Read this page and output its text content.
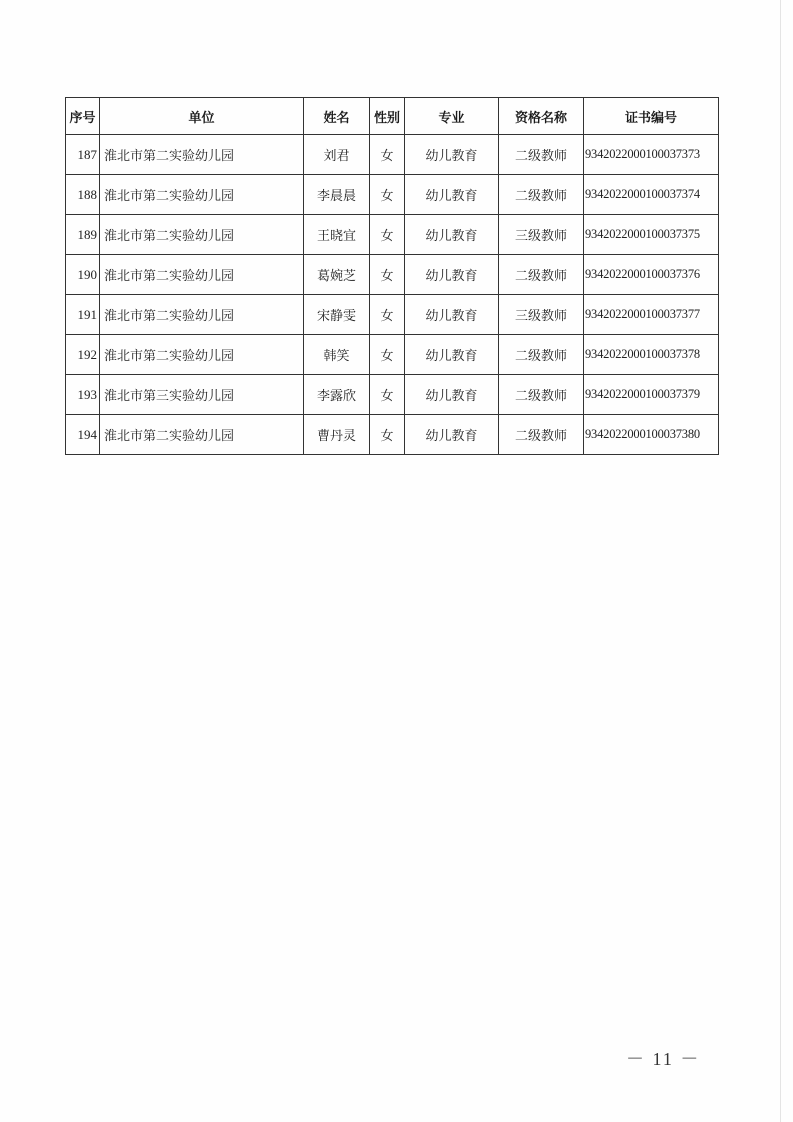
序号	单位	姓名	性别	专业	资格名称	证书编号
187	淮北市第二实验幼儿园	刘君	女	幼儿教育	二级教师	9342022000100037373
188	淮北市第二实验幼儿园	李晨晨	女	幼儿教育	二级教师	9342022000100037374
189	淮北市第二实验幼儿园	王晓宜	女	幼儿教育	三级教师	9342022000100037375
190	淮北市第二实验幼儿园	葛婉芝	女	幼儿教育	二级教师	9342022000100037376
191	淮北市第二实验幼儿园	宋静雯	女	幼儿教育	三级教师	9342022000100037377
192	淮北市第二实验幼儿园	韩笑	女	幼儿教育	二级教师	9342022000100037378
193	淮北市第三实验幼儿园	李露欣	女	幼儿教育	二级教师	9342022000100037379
194	淮北市第二实验幼儿园	曹丹灵	女	幼儿教育	二级教师	9342022000100037380
－ 11 －
